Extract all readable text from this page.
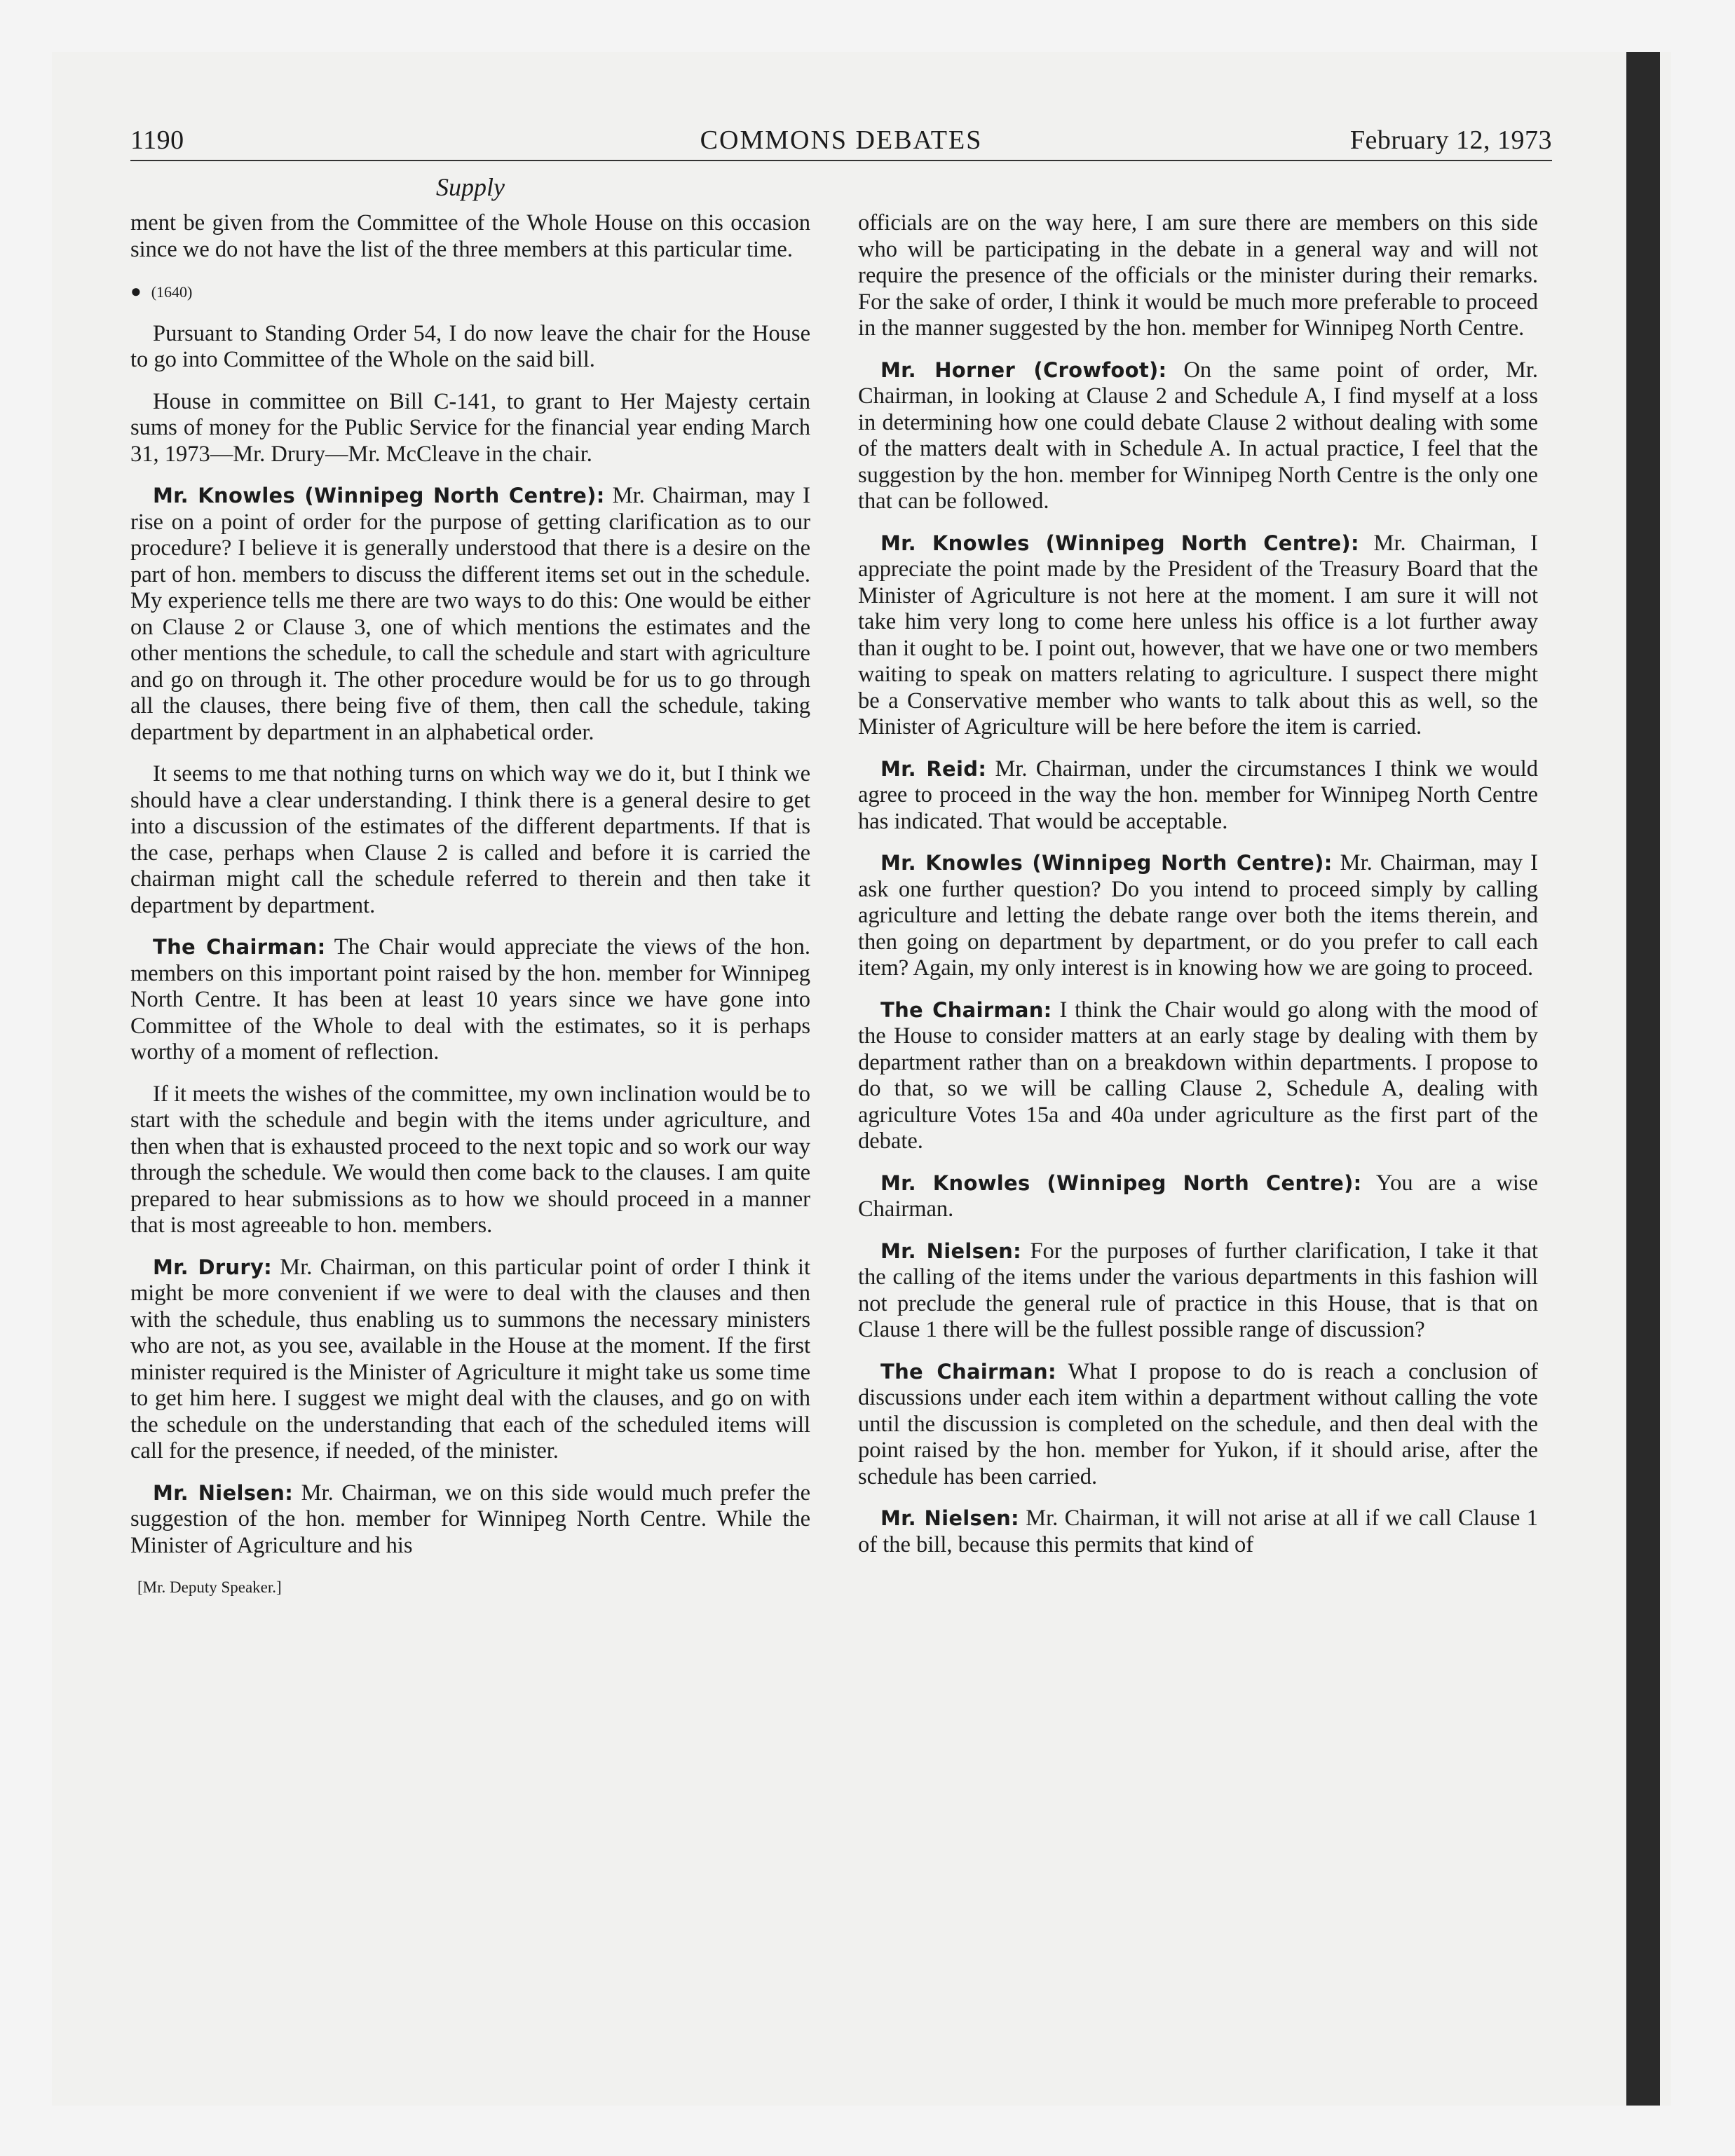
1190	COMMONS DEBATES	February 12, 1973
Supply

ment be given from the Committee of the Whole House on this occasion since we do not have the list of the three members at this particular time.

● (1640)

Pursuant to Standing Order 54, I do now leave the chair for the House to go into Committee of the Whole on the said bill.

House in committee on Bill C-141, to grant to Her Majesty certain sums of money for the Public Service for the financial year ending March 31, 1973—Mr. Drury—Mr. McCleave in the chair.

Mr. Knowles (Winnipeg North Centre): Mr. Chairman, may I rise on a point of order for the purpose of getting clarification as to our procedure? I believe it is generally understood that there is a desire on the part of hon. members to discuss the different items set out in the schedule. My experience tells me there are two ways to do this: One would be either on Clause 2 or Clause 3, one of which mentions the estimates and the other mentions the schedule, to call the schedule and start with agriculture and go on through it. The other procedure would be for us to go through all the clauses, there being five of them, then call the schedule, taking department by department in an alphabetical order.

It seems to me that nothing turns on which way we do it, but I think we should have a clear understanding. I think there is a general desire to get into a discussion of the estimates of the different departments. If that is the case, perhaps when Clause 2 is called and before it is carried the chairman might call the schedule referred to therein and then take it department by department.

The Chairman: The Chair would appreciate the views of the hon. members on this important point raised by the hon. member for Winnipeg North Centre. It has been at least 10 years since we have gone into Committee of the Whole to deal with the estimates, so it is perhaps worthy of a moment of reflection.

If it meets the wishes of the committee, my own inclination would be to start with the schedule and begin with the items under agriculture, and then when that is exhausted proceed to the next topic and so work our way through the schedule. We would then come back to the clauses. I am quite prepared to hear submissions as to how we should proceed in a manner that is most agreeable to hon. members.

Mr. Drury: Mr. Chairman, on this particular point of order I think it might be more convenient if we were to deal with the clauses and then with the schedule, thus enabling us to summons the necessary ministers who are not, as you see, available in the House at the moment. If the first minister required is the Minister of Agriculture it might take us some time to get him here. I suggest we might deal with the clauses, and go on with the schedule on the understanding that each of the scheduled items will call for the presence, if needed, of the minister.

Mr. Nielsen: Mr. Chairman, we on this side would much prefer the suggestion of the hon. member for Winnipeg North Centre. While the Minister of Agriculture and his

[Mr. Deputy Speaker.]

officials are on the way here, I am sure there are members on this side who will be participating in the debate in a general way and will not require the presence of the officials or the minister during their remarks. For the sake of order, I think it would be much more preferable to proceed in the manner suggested by the hon. member for Winnipeg North Centre.

Mr. Horner (Crowfoot): On the same point of order, Mr. Chairman, in looking at Clause 2 and Schedule A, I find myself at a loss in determining how one could debate Clause 2 without dealing with some of the matters dealt with in Schedule A. In actual practice, I feel that the suggestion by the hon. member for Winnipeg North Centre is the only one that can be followed.

Mr. Knowles (Winnipeg North Centre): Mr. Chairman, I appreciate the point made by the President of the Treasury Board that the Minister of Agriculture is not here at the moment. I am sure it will not take him very long to come here unless his office is a lot further away than it ought to be. I point out, however, that we have one or two members waiting to speak on matters relating to agriculture. I suspect there might be a Conservative member who wants to talk about this as well, so the Minister of Agriculture will be here before the item is carried.

Mr. Reid: Mr. Chairman, under the circumstances I think we would agree to proceed in the way the hon. member for Winnipeg North Centre has indicated. That would be acceptable.

Mr. Knowles (Winnipeg North Centre): Mr. Chairman, may I ask one further question? Do you intend to proceed simply by calling agriculture and letting the debate range over both the items therein, and then going on department by department, or do you prefer to call each item? Again, my only interest is in knowing how we are going to proceed.

The Chairman: I think the Chair would go along with the mood of the House to consider matters at an early stage by dealing with them by department rather than on a breakdown within departments. I propose to do that, so we will be calling Clause 2, Schedule A, dealing with agriculture Votes 15a and 40a under agriculture as the first part of the debate.

Mr. Knowles (Winnipeg North Centre): You are a wise Chairman.

Mr. Nielsen: For the purposes of further clarification, I take it that the calling of the items under the various departments in this fashion will not preclude the general rule of practice in this House, that is that on Clause 1 there will be the fullest possible range of discussion?

The Chairman: What I propose to do is reach a conclusion of discussions under each item within a department without calling the vote until the discussion is completed on the schedule, and then deal with the point raised by the hon. member for Yukon, if it should arise, after the schedule has been carried.

Mr. Nielsen: Mr. Chairman, it will not arise at all if we call Clause 1 of the bill, because this permits that kind of
